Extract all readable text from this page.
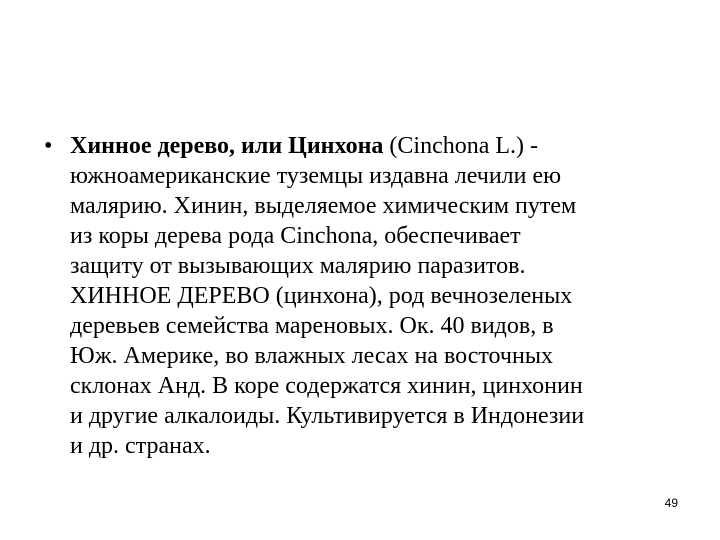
• Хинное дерево, или Цинхона (Cinchona L.) -
южноамериканские туземцы издавна лечили ею
малярию. Хинин, выделяемое химическим путем
из коры дерева рода Cinchona, обеспечивает
защиту от вызывающих малярию паразитов.
ХИННОЕ ДЕРЕВО (цинхона), род вечнозеленых
деревьев семейства мареновых. Ок. 40 видов, в
Юж. Америке, во влажных лесах на восточных
склонах Анд. В коре содержатся хинин, цинхонин
и другие алкалоиды. Культивируется в Индонезии
и др. странах.
49
